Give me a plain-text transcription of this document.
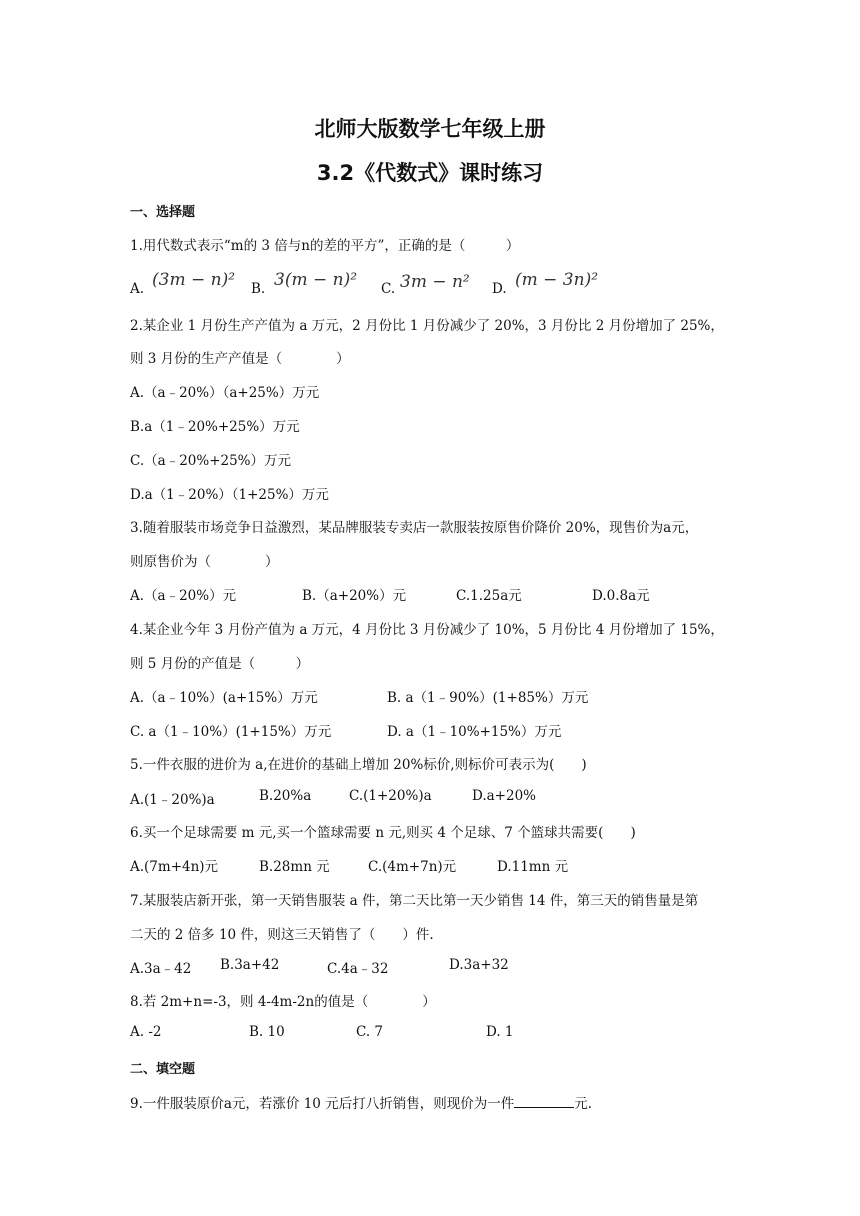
北师大版数学七年级上册
3.2《代数式》课时练习
一、选择题
1.用代数式表示“m的 3 倍与n的差的平方”，正确的是（　　　）
A. (3m − n)² B. 3(m − n)² C. 3m − n² D. (m − 3n)²
2.某企业 1 月份生产产值为 a 万元，2 月份比 1 月份减少了 20%，3 月份比 2 月份增加了 25%，
则 3 月份的生产产值是（　　　　）
A.（a﹣20%）（a+25%）万元
B.a（1﹣20%+25%）万元
C.（a﹣20%+25%）万元
D.a（1﹣20%）（1+25%）万元
3.随着服装市场竞争日益激烈，某品牌服装专卖店一款服装按原售价降价 20%，现售价为a元，
则原售价为（　　　　）
A.（a﹣20%）元	B.（a+20%）元	C.1.25a元	D.0.8a元
4.某企业今年 3 月份产值为 a 万元，4 月份比 3 月份减少了 10%，5 月份比 4 月份增加了 15%，
则 5 月份的产值是（　　　）
A.（a﹣10%）(a+15%）万元	B. a（1﹣90%）(1+85%）万元
C. a（1﹣10%）(1+15%）万元	D. a（1﹣10%+15%）万元
5.一件衣服的进价为 a,在进价的基础上增加 20%标价,则标价可表示为(　　)
A.(1﹣20%)a	B.20%a	C.(1+20%)a	D.a+20%
6.买一个足球需要 m 元,买一个篮球需要 n 元,则买 4 个足球、7 个篮球共需要(　　)
A.(7m+4n)元	B.28mn 元	C.(4m+7n)元	D.11mn 元
7.某服装店新开张，第一天销售服装 a 件，第二天比第一天少销售 14 件，第三天的销售量是第
二天的 2 倍多 10 件，则这三天销售了（　　）件.
A.3a﹣42 B.3a+42	C.4a﹣32	D.3a+32
8.若 2m+n=-3，则 4-4m-2n的值是（　　　　）
A. -2	B. 10	C. 7	D. 1
二、填空题
9.一件服装原价a元，若涨价 10 元后打八折销售，则现价为一件	元.
